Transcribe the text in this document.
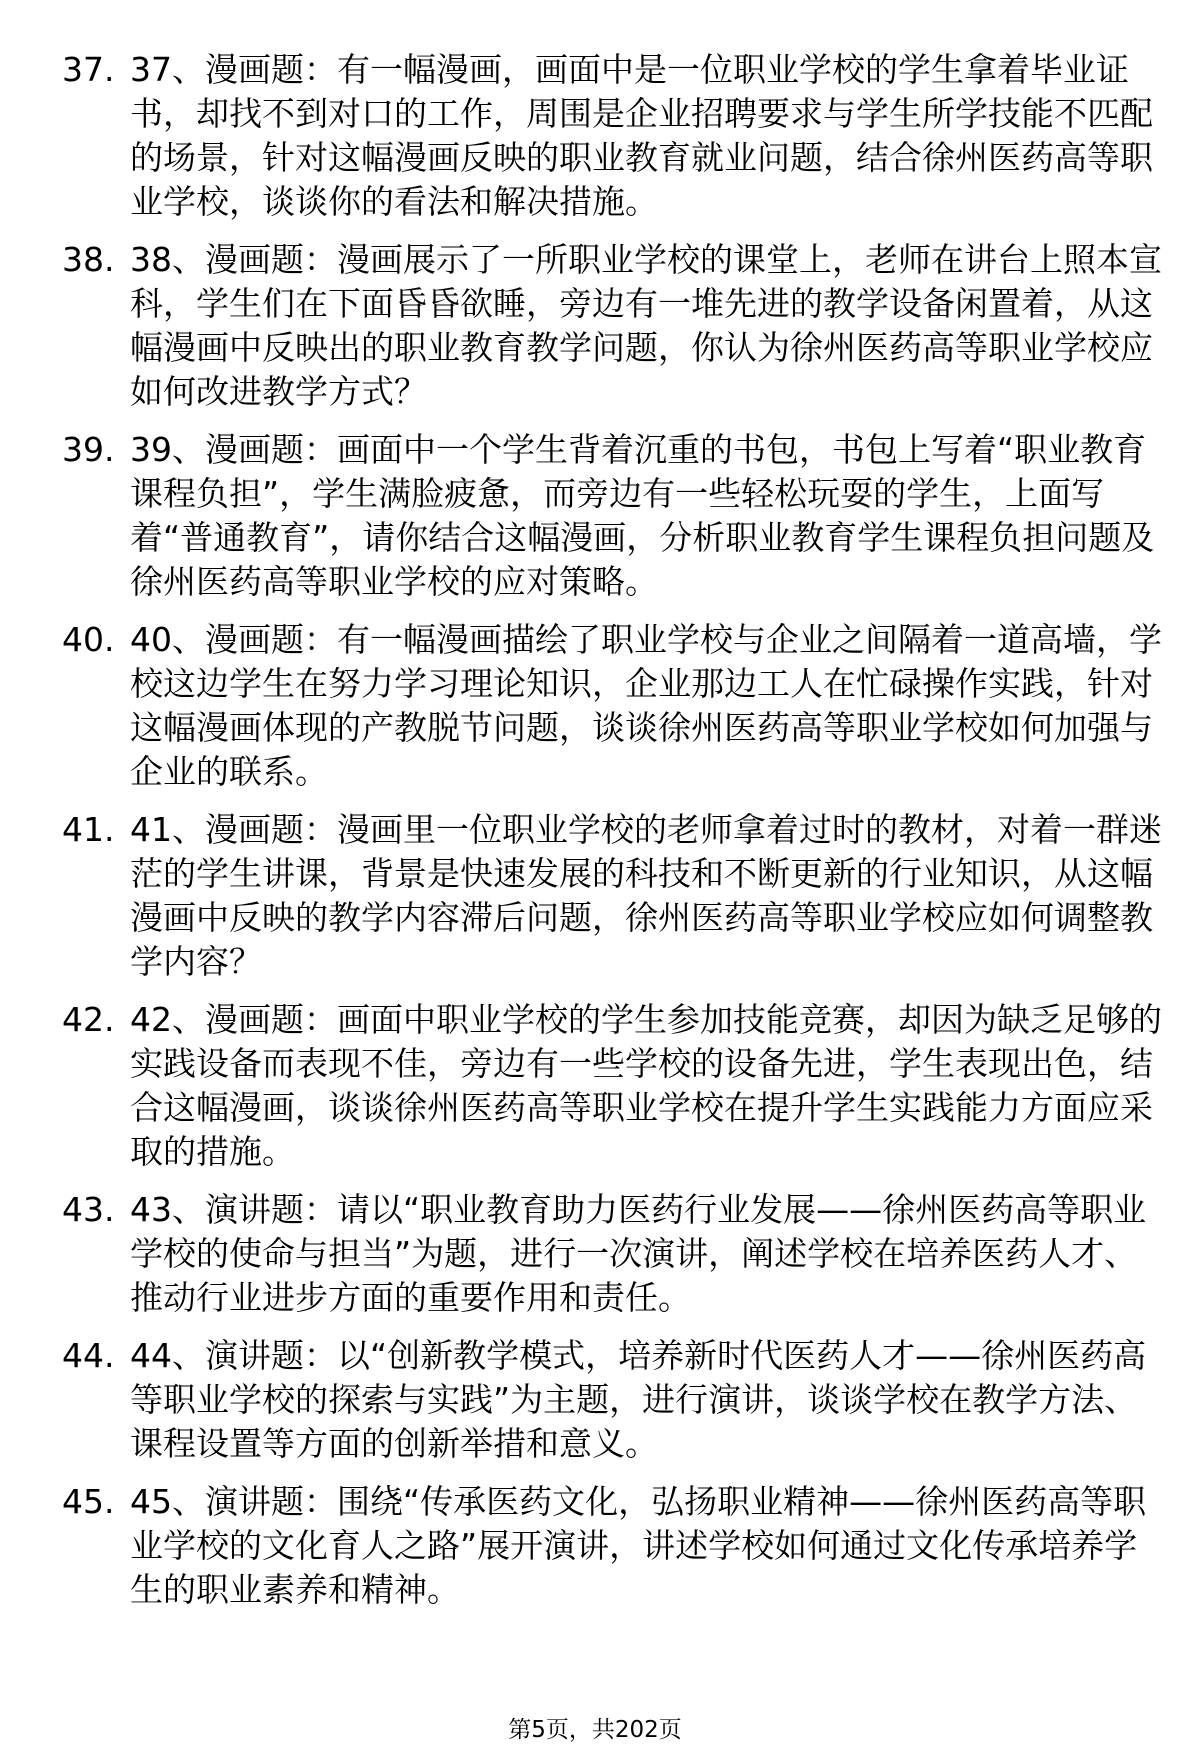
37. 37、漫画题：有一幅漫画，画面中是一位职业学校的学生拿着毕业证书，却找不到对口的工作，周围是企业招聘要求与学生所学技能不匹配的场景，针对这幅漫画反映的职业教育就业问题，结合徐州医药高等职业学校，谈谈你的看法和解决措施。
38. 38、漫画题：漫画展示了一所职业学校的课堂上，老师在讲台上照本宣科，学生们在下面昏昏欲睡，旁边有一堆先进的教学设备闲置着，从这幅漫画中反映出的职业教育教学问题，你认为徐州医药高等职业学校应如何改进教学方式？
39. 39、漫画题：画面中一个学生背着沉重的书包，书包上写着“职业教育课程负担”，学生满脸疲惫，而旁边有一些轻松玩耍的学生，上面写着“普通教育”，请你结合这幅漫画，分析职业教育学生课程负担问题及徐州医药高等职业学校的应对策略。
40. 40、漫画题：有一幅漫画描绘了职业学校与企业之间隔着一道高墙，学校这边学生在努力学习理论知识，企业那边工人在忙碌操作实践，针对这幅漫画体现的产教脱节问题，谈谈徐州医药高等职业学校如何加强与企业的联系。
41. 41、漫画题：漫画里一位职业学校的老师拿着过时的教材，对着一群迷茫的学生讲课，背景是快速发展的科技和不断更新的行业知识，从这幅漫画中反映的教学内容滞后问题，徐州医药高等职业学校应如何调整教学内容？
42. 42、漫画题：画面中职业学校的学生参加技能竞赛，却因为缺乏足够的实践设备而表现不佳，旁边有一些学校的设备先进，学生表现出色，结合这幅漫画，谈谈徐州医药高等职业学校在提升学生实践能力方面应采取的措施。
43. 43、演讲题：请以“职业教育助力医药行业发展——徐州医药高等职业学校的使命与担当”为题，进行一次演讲，阐述学校在培养医药人才、推动行业进步方面的重要作用和责任。
44. 44、演讲题：以“创新教学模式，培养新时代医药人才——徐州医药高等职业学校的探索与实践”为主题，进行演讲，谈谈学校在教学方法、课程设置等方面的创新举措和意义。
45. 45、演讲题：围绕“传承医药文化，弘扬职业精神——徐州医药高等职业学校的文化育人之路”展开演讲，讲述学校如何通过文化传承培养学生的职业素养和精神。
第5页，共202页
